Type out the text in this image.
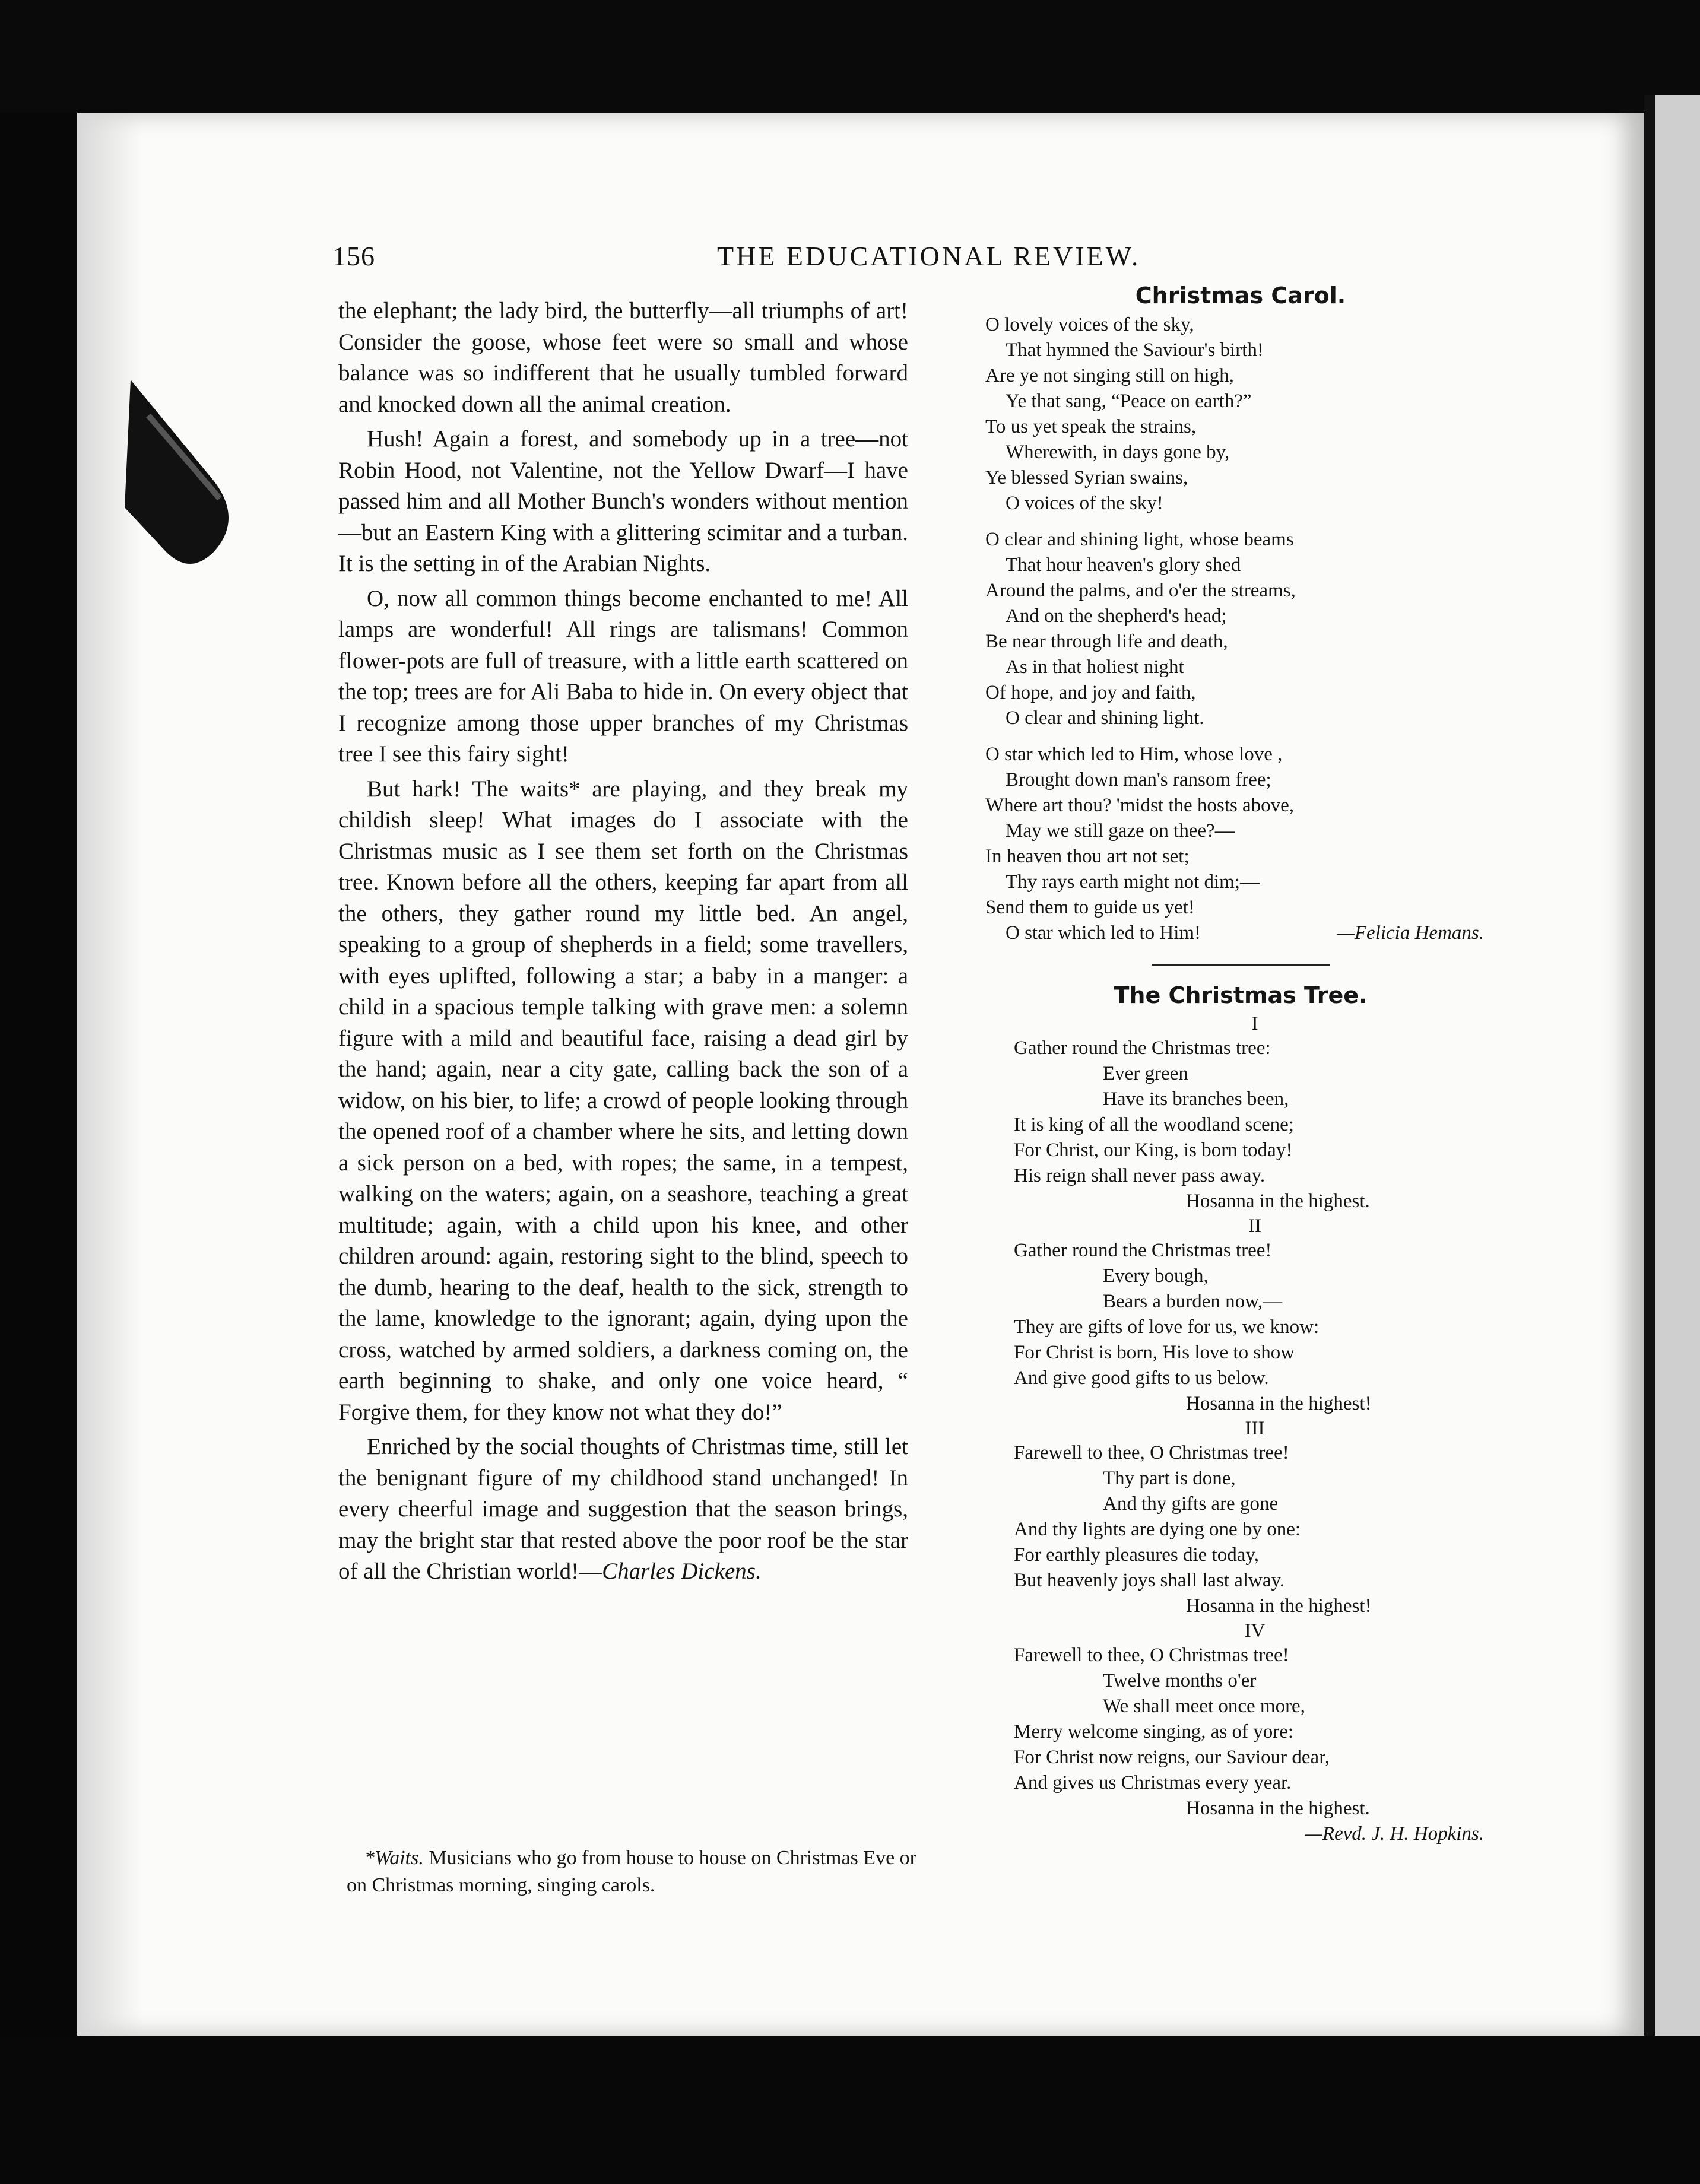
156	THE EDUCATIONAL REVIEW.

the elephant; the lady bird, the butterfly—all triumphs of art! Consider the goose, whose feet were so small and whose balance was so indifferent that he usually tumbled forward and knocked down all the animal creation.

Hush! Again a forest, and somebody up in a tree—not Robin Hood, not Valentine, not the Yellow Dwarf—I have passed him and all Mother Bunch's wonders without mention—but an Eastern King with a glittering scimitar and a turban. It is the setting in of the Arabian Nights.

O, now all common things become enchanted to me! All lamps are wonderful! All rings are talismans! Common flower-pots are full of treasure, with a little earth scattered on the top; trees are for Ali Baba to hide in. On every object that I recognize among those upper branches of my Christmas tree I see this fairy sight!

But hark! The waits* are playing, and they break my childish sleep! What images do I associate with the Christmas music as I see them set forth on the Christmas tree. Known before all the others, keeping far apart from all the others, they gather round my little bed. An angel, speaking to a group of shepherds in a field; some travellers, with eyes uplifted, following a star; a baby in a manger: a child in a spacious temple talking with grave men: a solemn figure with a mild and beautiful face, raising a dead girl by the hand; again, near a city gate, calling back the son of a widow, on his bier, to life; a crowd of people looking through the opened roof of a chamber where he sits, and letting down a sick person on a bed, with ropes; the same, in a tempest, walking on the waters; again, on a seashore, teaching a great multitude; again, with a child upon his knee, and other children around: again, restoring sight to the blind, speech to the dumb, hearing to the deaf, health to the sick, strength to the lame, knowledge to the ignorant; again, dying upon the cross, watched by armed soldiers, a darkness coming on, the earth beginning to shake, and only one voice heard, “ Forgive them, for they know not what they do!”

Enriched by the social thoughts of Christmas time, still let the benignant figure of my childhood stand unchanged! In every cheerful image and suggestion that the season brings, may the bright star that rested above the poor roof be the star of all the Christian world!—Charles Dickens.

*Waits. Musicians who go from house to house on Christmas Eve or on Christmas morning, singing carols.
Christmas Carol.
O lovely voices of the sky,
That hymned the Saviour's birth!
Are ye not singing still on high,
Ye that sang, “Peace on earth?”
To us yet speak the strains,
Wherewith, in days gone by,
Ye blessed Syrian swains,
O voices of the sky!
O clear and shining light, whose beams
That hour heaven's glory shed
Around the palms, and o'er the streams,
And on the shepherd's head;
Be near through life and death,
As in that holiest night
Of hope, and joy and faith,
O clear and shining light.
O star which led to Him, whose love ,
Brought down man's ransom free;
Where art thou? 'midst the hosts above,
May we still gaze on thee?—
In heaven thou art not set;
Thy rays earth might not dim;—
Send them to guide us yet!
O star which led to Him!	—Felicia Hemans.
The Christmas Tree.
I
Gather round the Christmas tree:
Ever green
Have its branches been,
It is king of all the woodland scene;
For Christ, our King, is born today!
His reign shall never pass away.
Hosanna in the highest.
II
Gather round the Christmas tree!
Every bough,
Bears a burden now,—
They are gifts of love for us, we know:
For Christ is born, His love to show
And give good gifts to us below.
Hosanna in the highest!
III
Farewell to thee, O Christmas tree!
Thy part is done,
And thy gifts are gone
And thy lights are dying one by one:
For earthly pleasures die today,
But heavenly joys shall last alway.
Hosanna in the highest!
IV
Farewell to thee, O Christmas tree!
Twelve months o'er
We shall meet once more,
Merry welcome singing, as of yore:
For Christ now reigns, our Saviour dear,
And gives us Christmas every year.
Hosanna in the highest.
—Revd. J. H. Hopkins.
